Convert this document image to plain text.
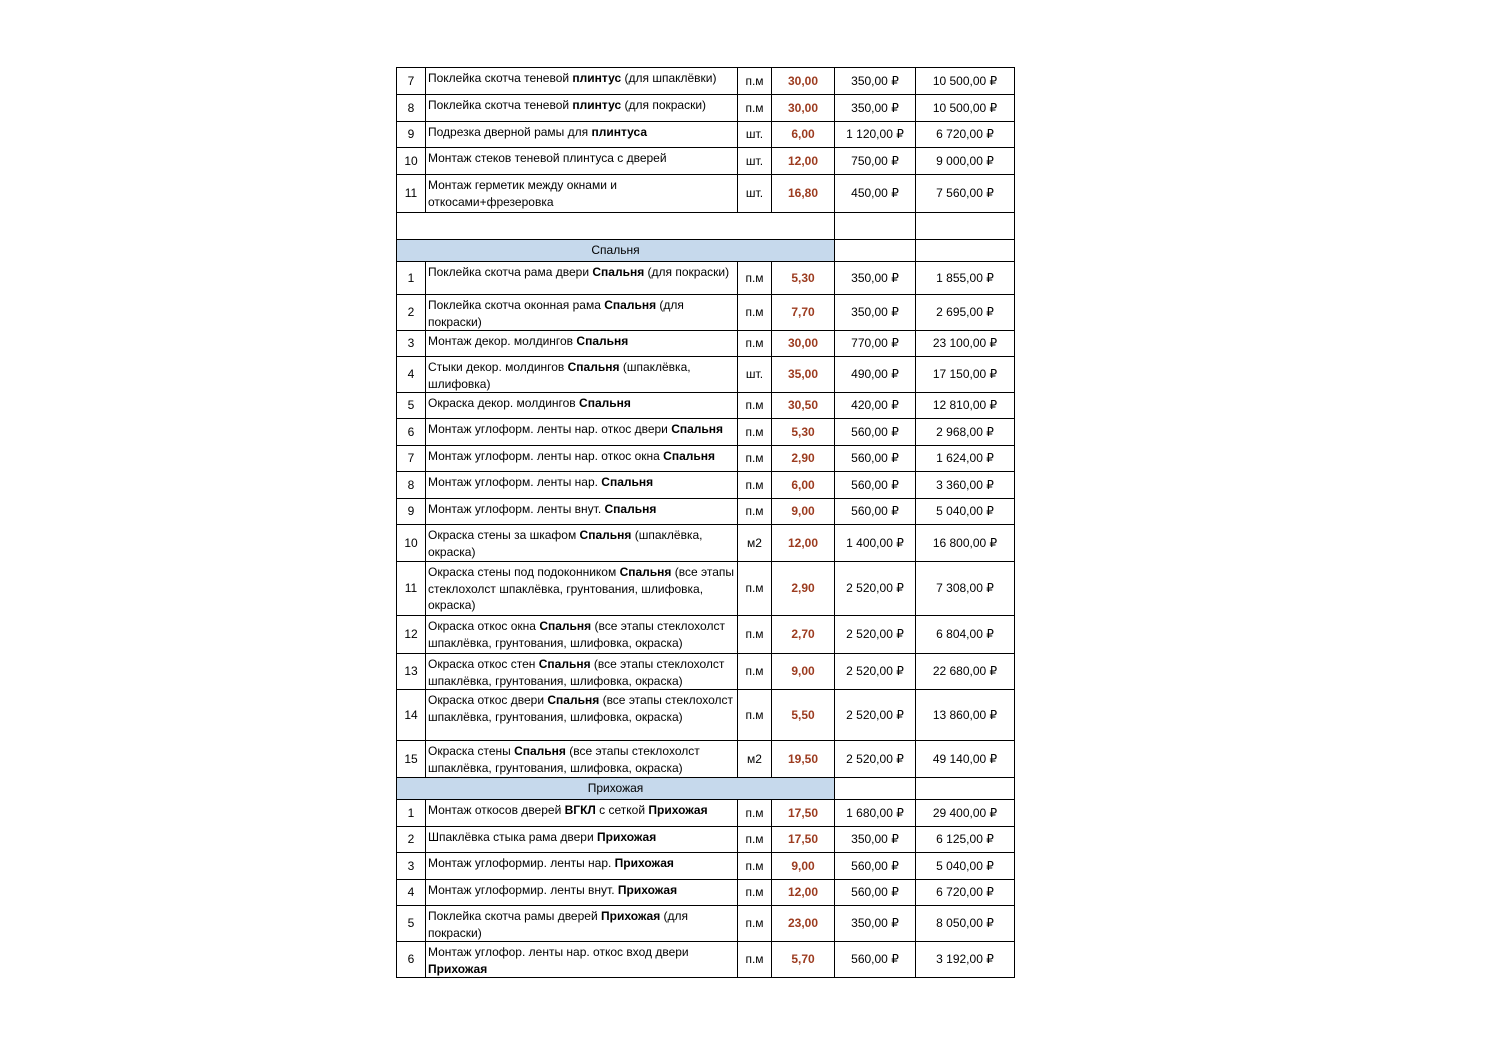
7	Поклейка скотча теневой плинтус (для шпаклёвки)	п.м	30,00	350,00 ₽	10 500,00 ₽
8	Поклейка скотча теневой плинтус (для покраски)	п.м	30,00	350,00 ₽	10 500,00 ₽
9	Подрезка дверной рамы для плинтуса	шт.	6,00	1 120,00 ₽	6 720,00 ₽
10	Монтаж стеков теневой плинтуса с дверей	шт.	12,00	750,00 ₽	9 000,00 ₽
11	Монтаж герметик между окнами и откосами+фрезеровка	шт.	16,80	450,00 ₽	7 560,00 ₽

Спальня					
1	Поклейка скотча рама двери Спальня (для покраски)	п.м	5,30	350,00 ₽	1 855,00 ₽
2	Поклейка скотча оконная рама Спальня (для покраски)	п.м	7,70	350,00 ₽	2 695,00 ₽
3	Монтаж декор. молдингов Спальня	п.м	30,00	770,00 ₽	23 100,00 ₽
4	Стыки декор. молдингов Спальня (шпаклёвка, шлифовка)	шт.	35,00	490,00 ₽	17 150,00 ₽
5	Окраска декор. молдингов Спальня	п.м	30,50	420,00 ₽	12 810,00 ₽
6	Монтаж углоформ. ленты нар. откос двери Спальня	п.м	5,30	560,00 ₽	2 968,00 ₽
7	Монтаж углоформ. ленты нар. откос окна Спальня	п.м	2,90	560,00 ₽	1 624,00 ₽
8	Монтаж углоформ. ленты нар. Спальня	п.м	6,00	560,00 ₽	3 360,00 ₽
9	Монтаж углоформ. ленты внут. Спальня	п.м	9,00	560,00 ₽	5 040,00 ₽
10	Окраска стены за шкафом Спальня (шпаклёвка, окраска)	м2	12,00	1 400,00 ₽	16 800,00 ₽
11	Окраска стены под подоконником Спальня (все этапы стеклохолст шпаклёвка, грунтования, шлифовка, окраска)	п.м	2,90	2 520,00 ₽	7 308,00 ₽
12	Окраска откос окна Спальня (все этапы стеклохолст шпаклёвка, грунтования, шлифовка, окраска)	п.м	2,70	2 520,00 ₽	6 804,00 ₽
13	Окраска откос стен Спальня (все этапы стеклохолст шпаклёвка, грунтования, шлифовка, окраска)	п.м	9,00	2 520,00 ₽	22 680,00 ₽
14	Окраска откос двери Спальня (все этапы стеклохолст шпаклёвка, грунтования, шлифовка, окраска)	п.м	5,50	2 520,00 ₽	13 860,00 ₽
15	Окраска стены Спальня (все этапы стеклохолст шпаклёвка, грунтования, шлифовка, окраска)	м2	19,50	2 520,00 ₽	49 140,00 ₽
Прихожая					
1	Монтаж откосов дверей ВГКЛ с сеткой Прихожая	п.м	17,50	1 680,00 ₽	29 400,00 ₽
2	Шпаклёвка стыка рама двери Прихожая	п.м	17,50	350,00 ₽	6 125,00 ₽
3	Монтаж углоформир. ленты нар. Прихожая	п.м	9,00	560,00 ₽	5 040,00 ₽
4	Монтаж углоформир. ленты внут. Прихожая	п.м	12,00	560,00 ₽	6 720,00 ₽
5	Поклейка скотча рамы дверей Прихожая (для покраски)	п.м	23,00	350,00 ₽	8 050,00 ₽
6	Монтаж углофор. ленты нар. откос вход двери Прихожая	п.м	5,70	560,00 ₽	3 192,00 ₽
